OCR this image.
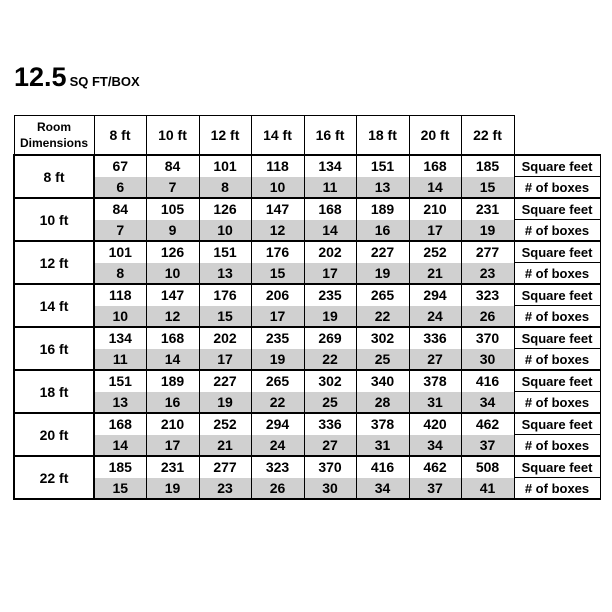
12.5 SQ FT/BOX
Room
Dimensions	8 ft	10 ft	12 ft	14 ft	16 ft	18 ft	20 ft	22 ft	
8 ft	67	84	101	118	134	151	168	185	Square feet
	6	7	8	10	11	13	14	15	# of boxes
10 ft	84	105	126	147	168	189	210	231	Square feet
	7	9	10	12	14	16	17	19	# of boxes
12 ft	101	126	151	176	202	227	252	277	Square feet
	8	10	13	15	17	19	21	23	# of boxes
14 ft	118	147	176	206	235	265	294	323	Square feet
	10	12	15	17	19	22	24	26	# of boxes
16 ft	134	168	202	235	269	302	336	370	Square feet
	11	14	17	19	22	25	27	30	# of boxes
18 ft	151	189	227	265	302	340	378	416	Square feet
	13	16	19	22	25	28	31	34	# of boxes
20 ft	168	210	252	294	336	378	420	462	Square feet
	14	17	21	24	27	31	34	37	# of boxes
22 ft	185	231	277	323	370	416	462	508	Square feet
	15	19	23	26	30	34	37	41	# of boxes
